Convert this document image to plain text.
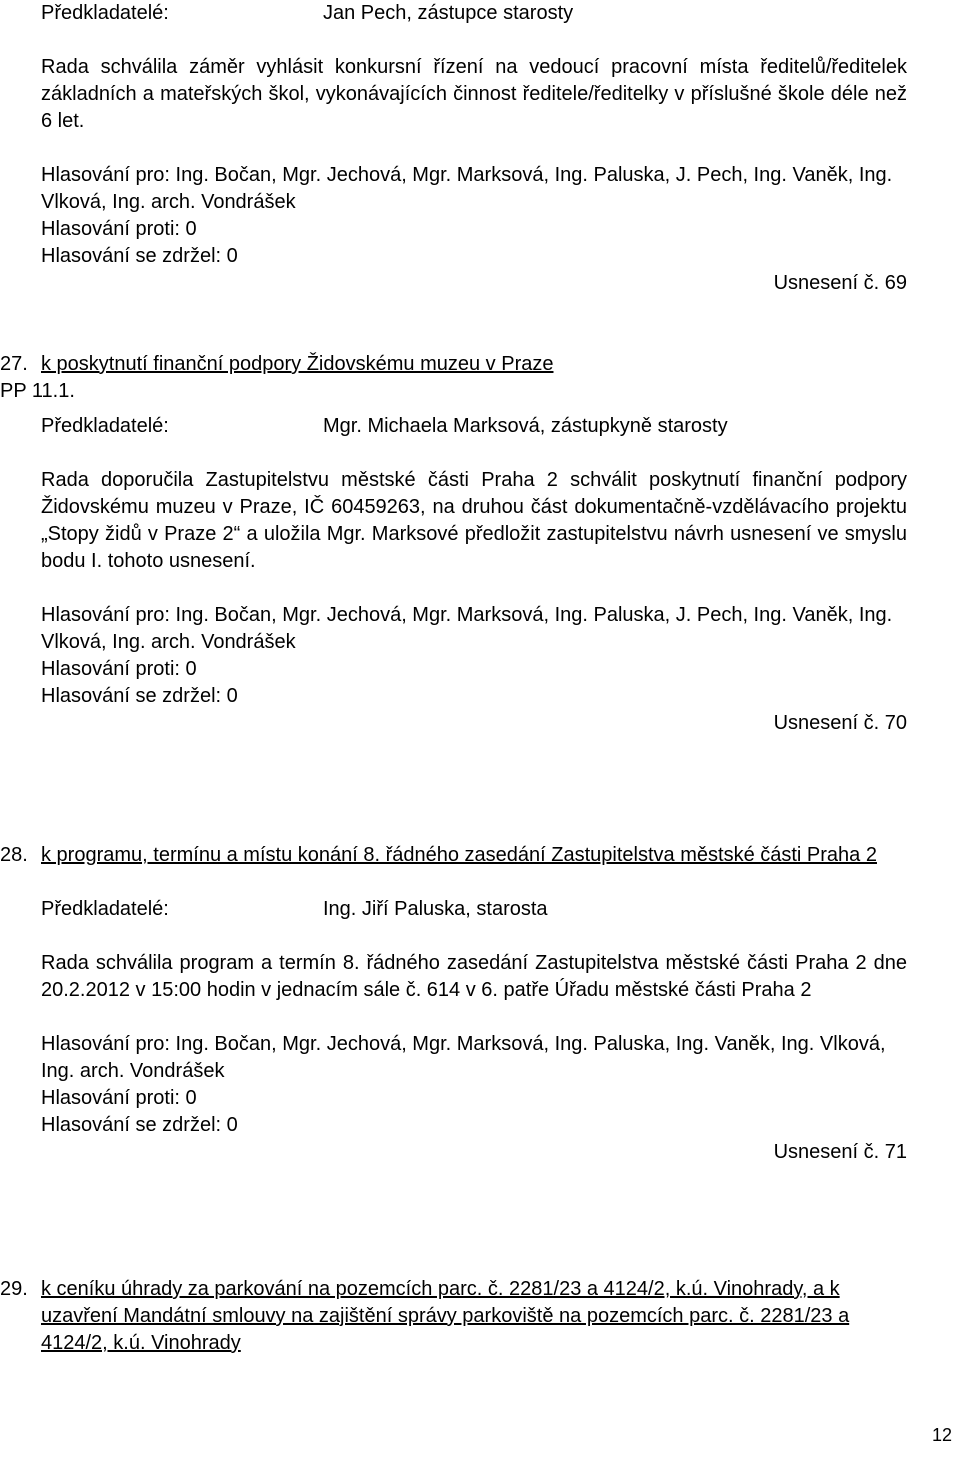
Předkladatelé:	Jan Pech, zástupce starosty

Rada schválila záměr vyhlásit konkursní řízení na vedoucí pracovní místa ředitelů/ředitelek základních a mateřských škol, vykonávajících činnost ředitele/ředitelky v příslušné škole déle než 6 let.

Hlasování pro: Ing. Bočan, Mgr. Jechová, Mgr. Marksová, Ing. Paluska, J. Pech, Ing. Vaněk, Ing. Vlková, Ing. arch. Vondrášek

Hlasování proti: 0

Hlasování se zdržel: 0

Usnesení č. 69

27. k poskytnutí finanční podpory Židovskému muzeu v Praze
PP 11.1.
Předkladatelé:	Mgr. Michaela Marksová, zástupkyně starosty

Rada doporučila Zastupitelstvu městské části Praha 2 schválit poskytnutí finanční podpory Židovskému muzeu v Praze, IČ 60459263, na druhou část dokumentačně-vzdělávacího projektu „Stopy židů v Praze 2“ a uložila Mgr. Marksové předložit zastupitelstvu návrh usnesení ve smyslu bodu I. tohoto usnesení.

Hlasování pro: Ing. Bočan, Mgr. Jechová, Mgr. Marksová, Ing. Paluska, J. Pech, Ing. Vaněk, Ing. Vlková, Ing. arch. Vondrášek

Hlasování proti: 0

Hlasování se zdržel: 0

Usnesení č. 70

28. k programu, termínu a místu konání 8. řádného zasedání Zastupitelstva městské části Praha 2
Předkladatelé:	Ing. Jiří Paluska, starosta

Rada schválila program a termín 8. řádného zasedání Zastupitelstva městské části Praha 2 dne 20.2.2012 v 15:00 hodin v jednacím sále č. 614 v 6. patře Úřadu městské části Praha 2

Hlasování pro: Ing. Bočan, Mgr. Jechová, Mgr. Marksová, Ing. Paluska, Ing. Vaněk, Ing. Vlková, Ing. arch. Vondrášek

Hlasování proti: 0

Hlasování se zdržel: 0

Usnesení č. 71

29. k ceníku úhrady za parkování na pozemcích parc. č. 2281/23 a 4124/2, k.ú. Vinohrady, a k uzavření Mandátní smlouvy na zajištění správy parkoviště na pozemcích parc. č. 2281/23 a 4124/2, k.ú. Vinohrady
12
